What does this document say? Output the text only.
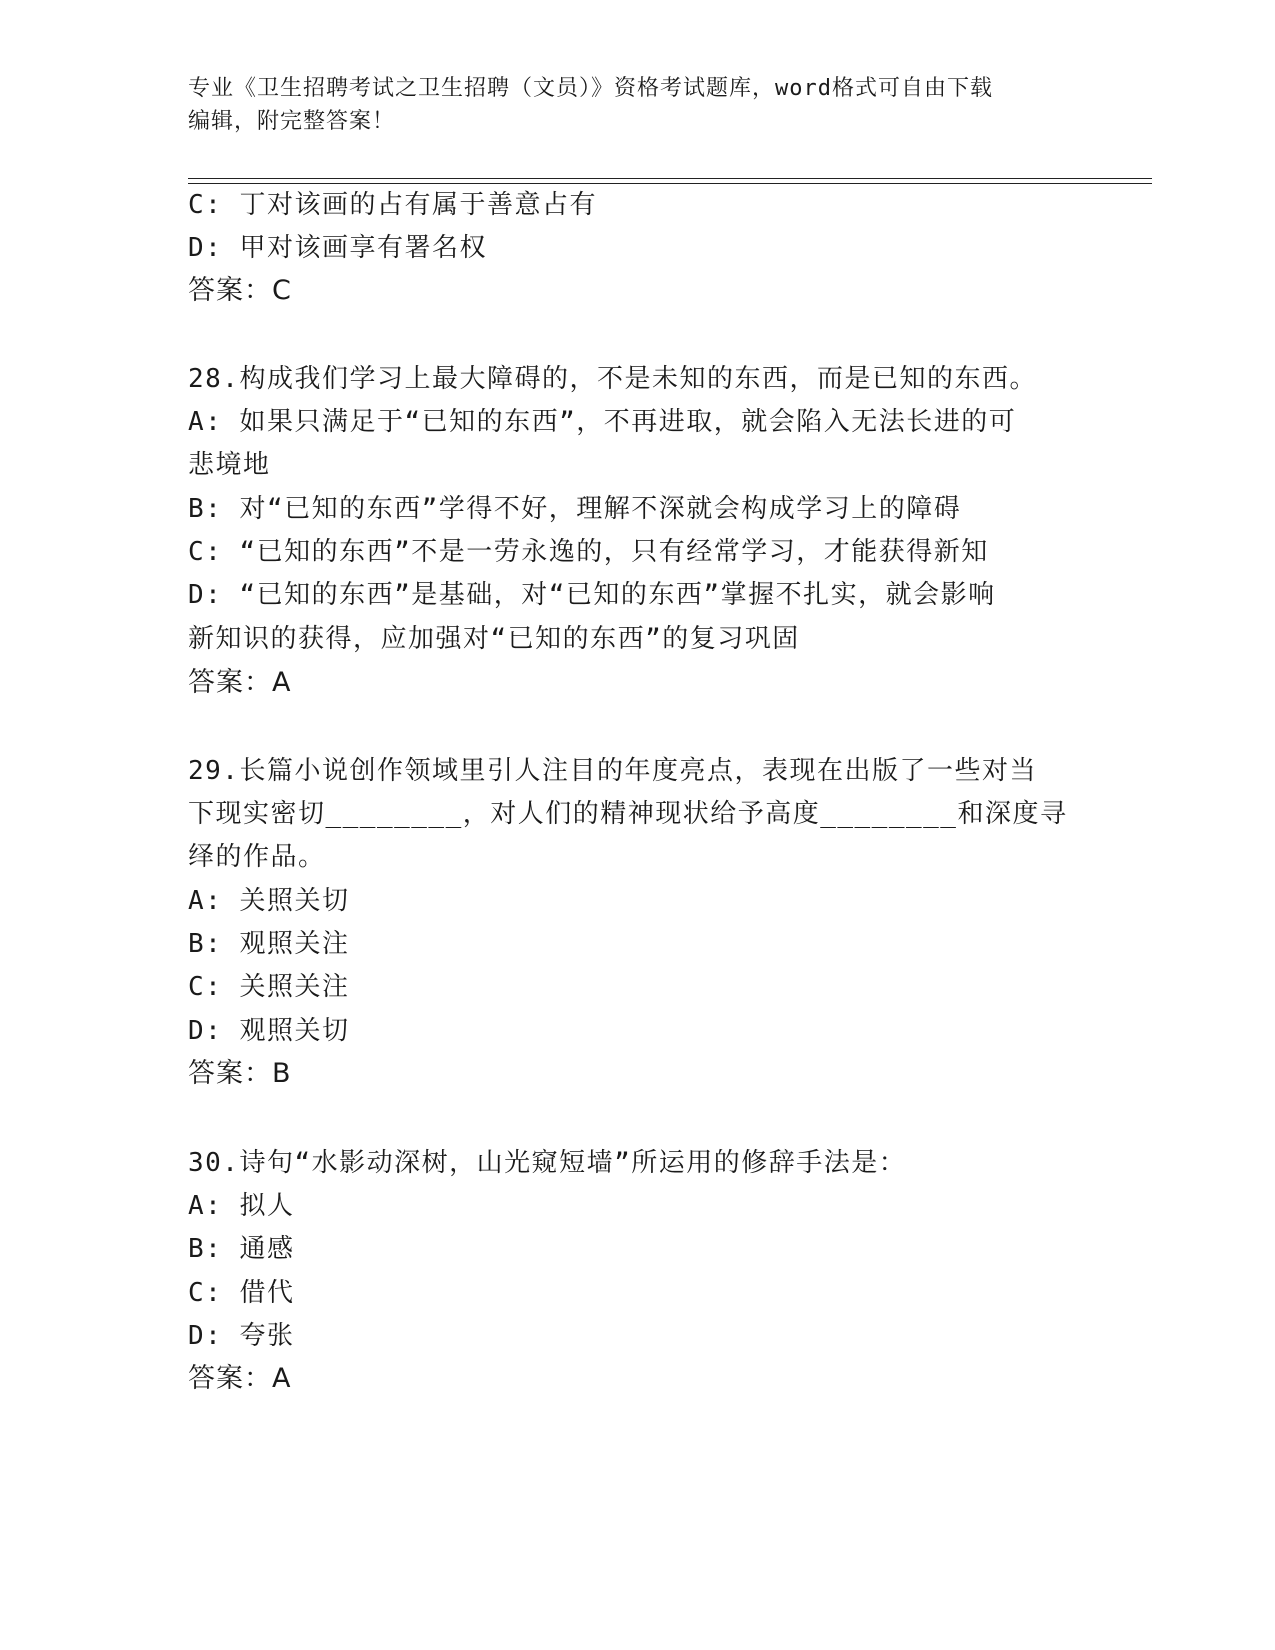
专业《卫生招聘考试之卫生招聘（文员）》资格考试题库，word格式可自由下载
编辑，附完整答案！
C: 丁对该画的占有属于善意占有
D: 甲对该画享有署名权
答案：C
28.构成我们学习上最大障碍的，不是未知的东西，而是已知的东西。
A: 如果只满足于“已知的东西”，不再进取，就会陷入无法长进的可
悲境地
B: 对“已知的东西”学得不好，理解不深就会构成学习上的障碍
C: “已知的东西”不是一劳永逸的，只有经常学习，才能获得新知
D: “已知的东西”是基础，对“已知的东西”掌握不扎实，就会影响
新知识的获得，应加强对“已知的东西”的复习巩固
答案：A
29.长篇小说创作领域里引人注目的年度亮点，表现在出版了一些对当
下现实密切________，对人们的精神现状给予高度________和深度寻
绎的作品。
A: 关照关切
B: 观照关注
C: 关照关注
D: 观照关切
答案：B
30.诗句“水影动深树，山光窥短墙”所运用的修辞手法是：
A: 拟人
B: 通感
C: 借代
D: 夸张
答案：A
